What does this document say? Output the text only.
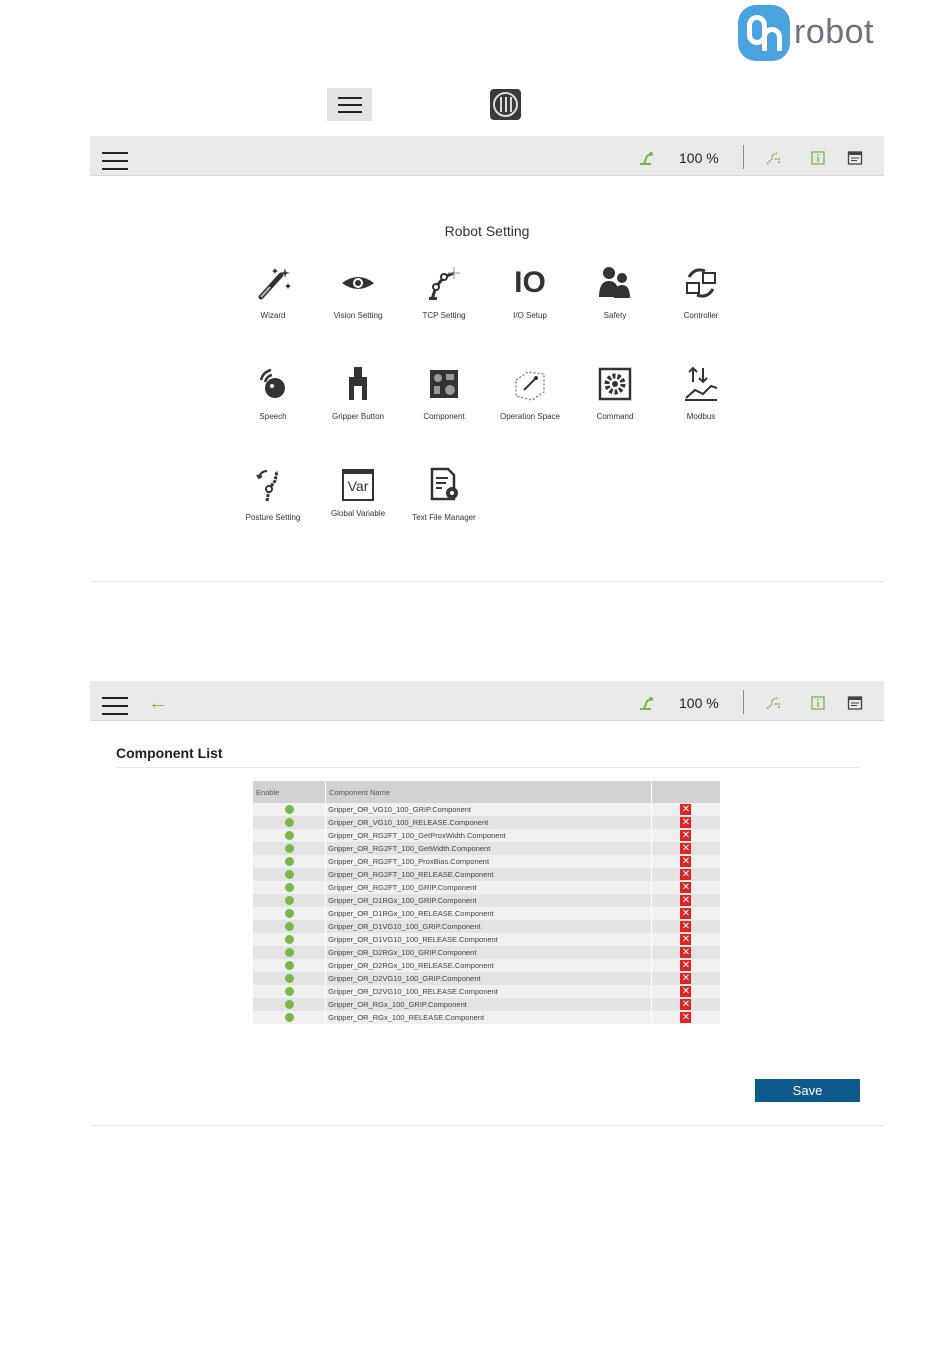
robot
100 %
Robot Setting
Wizard	Vision Setting	TCP Setting
IO
I/O Setup	Safety	Controller
Speech	Gripper Button	Component	Operation Space	Command	Modbus
Posture Setting
Var
Global Variable	Text File Manager
←	100 %
Component List
Enable	Component Name	

	Gripper_OR_VG10_100_GRIP.Component	✕

	Gripper_OR_VG10_100_RELEASE.Component	✕

	Gripper_OR_RG2FT_100_GetProxWidth.Component	✕

	Gripper_OR_RG2FT_100_GetWidth.Component	✕

	Gripper_OR_RG2FT_100_ProxBias.Component	✕

	Gripper_OR_RG2FT_100_RELEASE.Component	✕

	Gripper_OR_RG2FT_100_GRIP.Component	✕

	Gripper_OR_D1RGx_100_GRIP.Component	✕

	Gripper_OR_D1RGx_100_RELEASE.Component	✕

	Gripper_OR_D1VG10_100_GRIP.Component	✕

	Gripper_OR_D1VG10_100_RELEASE.Component	✕

	Gripper_OR_D2RGx_100_GRIP.Component	✕

	Gripper_OR_D2RGx_100_RELEASE.Component	✕

	Gripper_OR_D2VG10_100_GRIP.Component	✕

	Gripper_OR_D2VG10_100_RELEASE.Component	✕

	Gripper_OR_RGx_100_GRIP.Component	✕

	Gripper_OR_RGx_100_RELEASE.Component	✕
Save
